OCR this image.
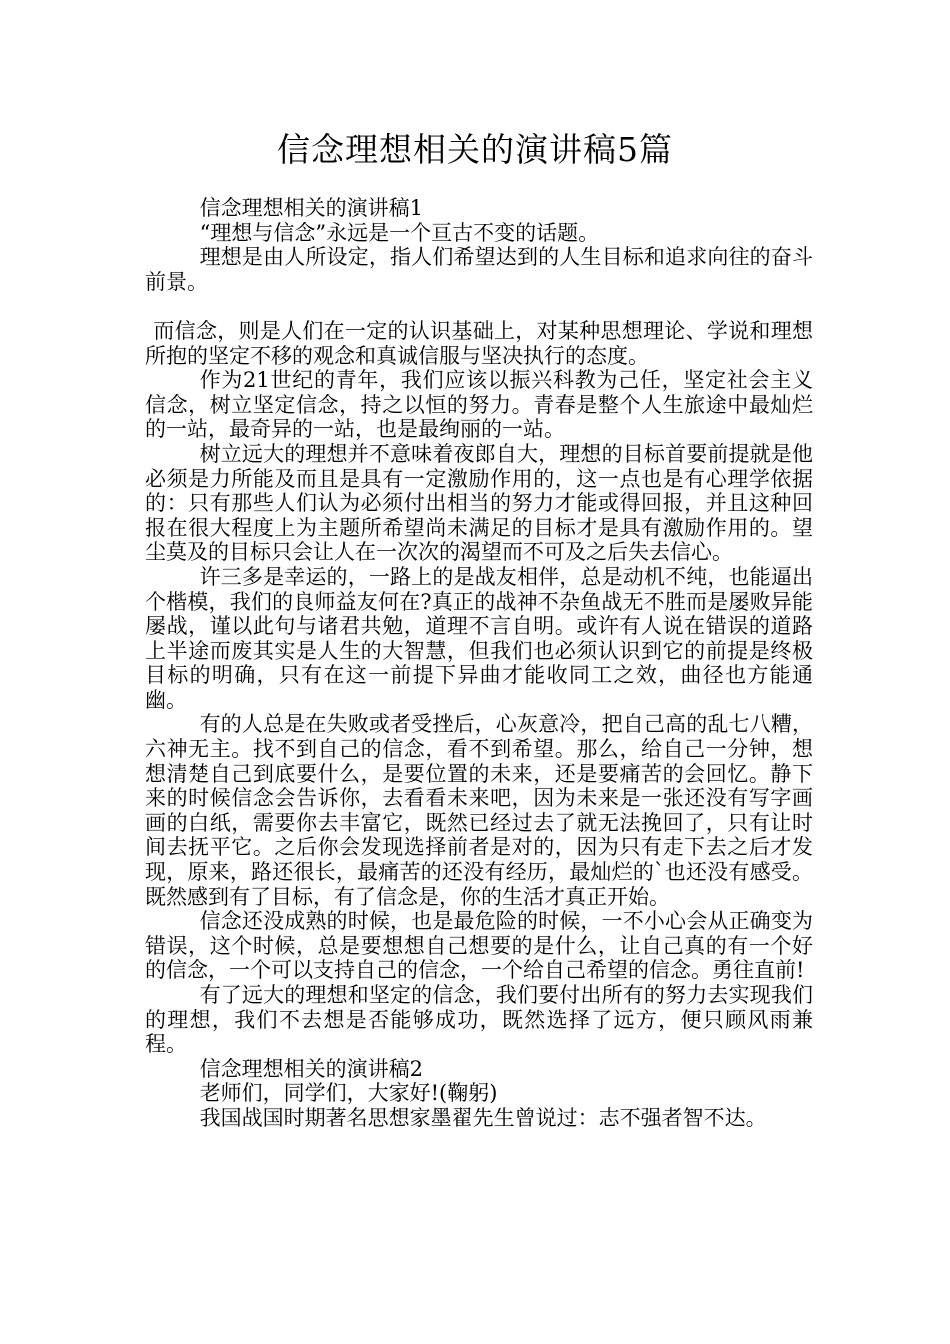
信念理想相关的演讲稿5篇

信念理想相关的演讲稿1

“理想与信念”永远是一个亘古不变的话题。

理想是由人所设定，指人们希望达到的人生目标和追求向往的奋斗前景。

而信念，则是人们在一定的认识基础上，对某种思想理论、学说和理想所抱的坚定不移的观念和真诚信服与坚决执行的态度。

作为21世纪的青年，我们应该以振兴科教为己任，坚定社会主义信念，树立坚定信念，持之以恒的努力。青春是整个人生旅途中最灿烂的一站，最奇异的一站，也是最绚丽的一站。

树立远大的理想并不意味着夜郎自大，理想的目标首要前提就是他必须是力所能及而且是具有一定激励作用的，这一点也是有心理学依据的：只有那些人们认为必须付出相当的努力才能或得回报，并且这种回报在很大程度上为主题所希望尚未满足的目标才是具有激励作用的。望尘莫及的目标只会让人在一次次的渴望而不可及之后失去信心。

许三多是幸运的，一路上的是战友相伴，总是动机不纯，也能逼出个楷模，我们的良师益友何在?真正的战神不杂鱼战无不胜而是屡败异能屡战，谨以此句与诸君共勉，道理不言自明。或许有人说在错误的道路上半途而废其实是人生的大智慧，但我们也必须认识到它的前提是终极目标的明确，只有在这一前提下异曲才能收同工之效，曲径也方能通幽。

有的人总是在失败或者受挫后，心灰意冷，把自己高的乱七八糟，六神无主。找不到自己的信念，看不到希望。那么，给自己一分钟，想想清楚自己到底要什么，是要位置的未来，还是要痛苦的会回忆。静下来的时候信念会告诉你，去看看未来吧，因为未来是一张还没有写字画画的白纸，需要你去丰富它，既然已经过去了就无法挽回了，只有让时间去抚平它。之后你会发现选择前者是对的，因为只有走下去之后才发现，原来，路还很长，最痛苦的还没有经历，最灿烂的`也还没有感受。既然感到有了目标，有了信念是，你的生活才真正开始。

信念还没成熟的时候，也是最危险的时候，一不小心会从正确变为错误，这个时候，总是要想想自己想要的是什么，让自己真的有一个好的信念，一个可以支持自己的信念，一个给自己希望的信念。勇往直前!

有了远大的理想和坚定的信念，我们要付出所有的努力去实现我们的理想，我们不去想是否能够成功，既然选择了远方，便只顾风雨兼程。

信念理想相关的演讲稿2

老师们，同学们，大家好!(鞠躬)

我国战国时期著名思想家墨翟先生曾说过：志不强者智不达。
